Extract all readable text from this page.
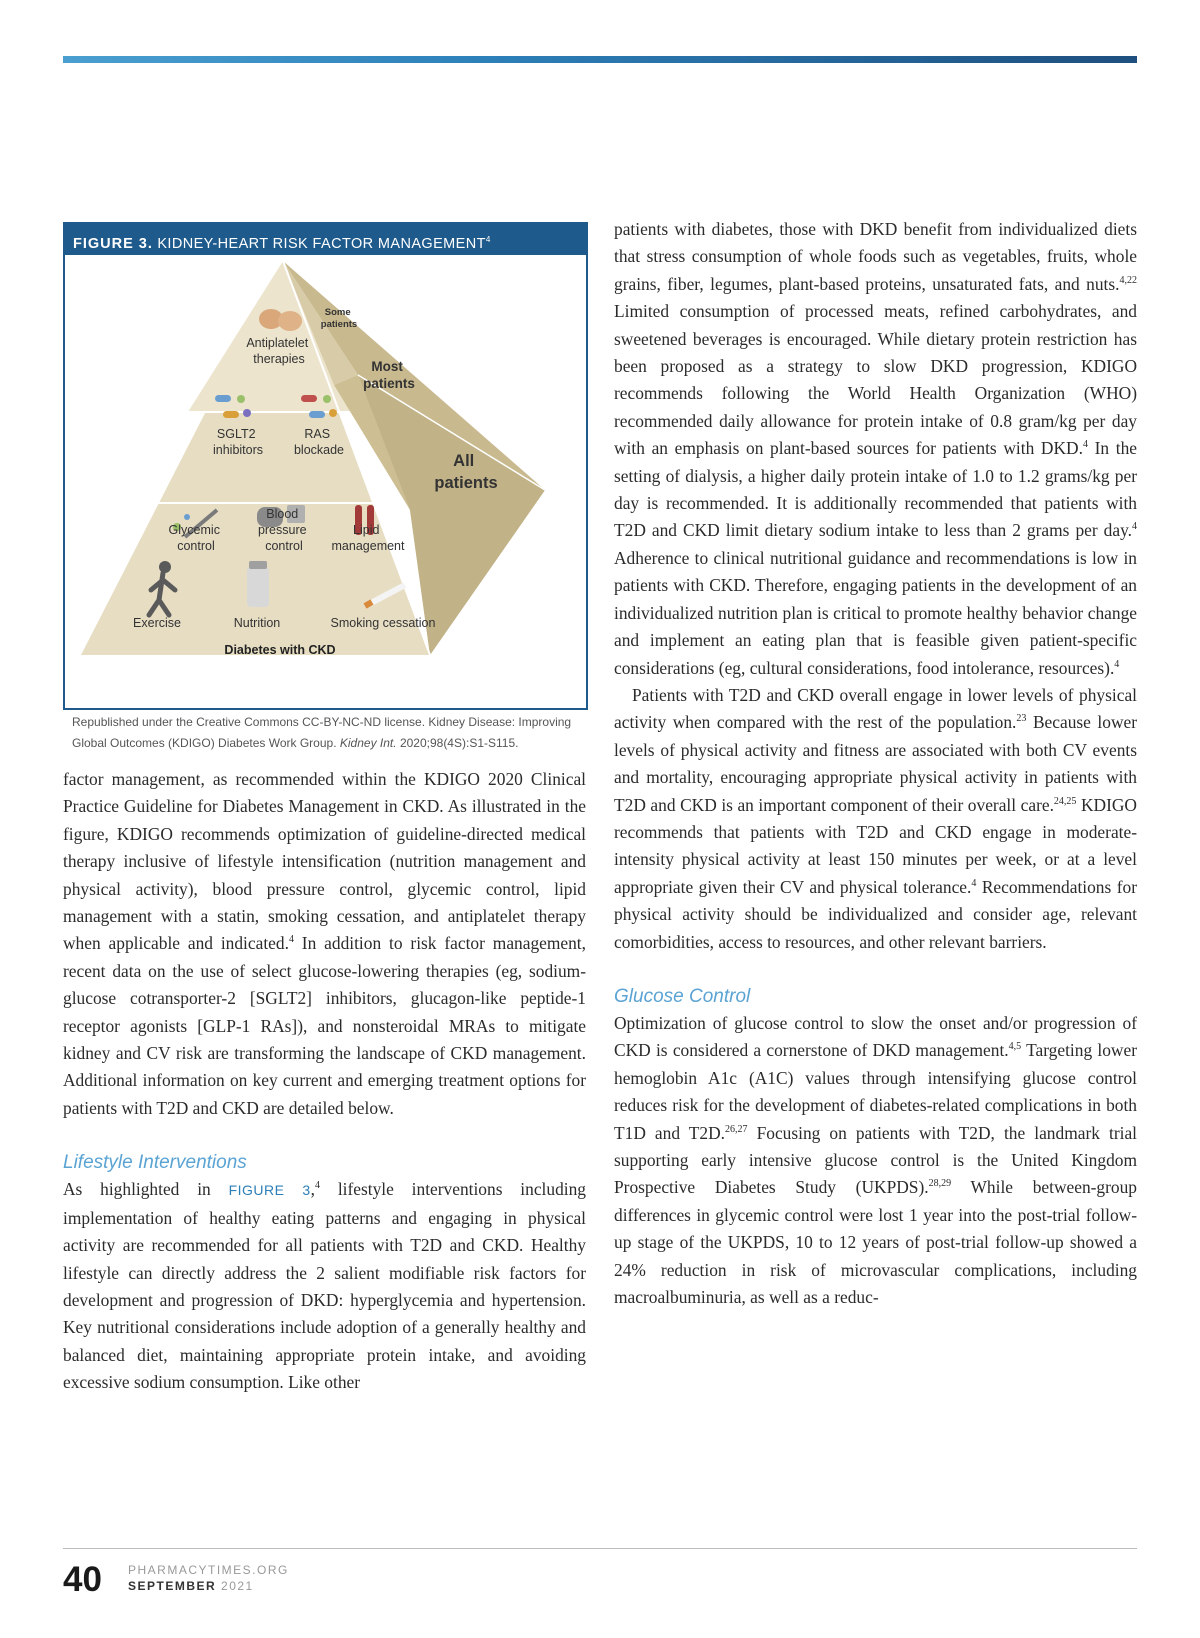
FIGURE 3. KIDNEY-HEART RISK FACTOR MANAGEMENT$^4$
Some patients
Most patients
All patients
Antiplatelet therapies
SGLT2 inhibitors
RAS blockade
Glycemic control
Blood pressure control
Lipid management
Exercise	Nutrition	Smoking cessation
Diabetes with CKD
Republished under the Creative Commons CC-BY-NC-ND license. Kidney Disease: Improving Global Outcomes (KDIGO) Diabetes Work Group. Kidney Int. 2020;98(4S):S1-S115.

factor management, as recommended within the KDIGO 2020 Clinical Practice Guideline for Diabetes Management in CKD. As illustrated in the figure, KDIGO recommends optimization of guideline-directed medical therapy inclusive of lifestyle intensification (nutrition management and physical activity), blood pressure control, glycemic control, lipid management with a statin, smoking cessation, and antiplatelet therapy when applicable and indicated.$^4$ In addition to risk factor management, recent data on the use of select glucose-lowering therapies (eg, sodium-glucose cotransporter-2 [SGLT2] inhibitors, glucagon-like peptide-1 receptor agonists [GLP-1 RAs]), and nonsteroidal MRAs to mitigate kidney and CV risk are transforming the landscape of CKD management. Additional information on key current and emerging treatment options for patients with T2D and CKD are detailed below.

Lifestyle Interventions

As highlighted in FIGURE 3,$^4$ lifestyle interventions including implementation of healthy eating patterns and engaging in physical activity are recommended for all patients with T2D and CKD. Healthy lifestyle can directly address the 2 salient modifiable risk factors for development and progression of DKD: hyperglycemia and hypertension. Key nutritional considerations include adoption of a generally healthy and balanced diet, maintaining appropriate protein intake, and avoiding excessive sodium consumption. Like other

patients with diabetes, those with DKD benefit from individualized diets that stress consumption of whole foods such as vegetables, fruits, whole grains, fiber, legumes, plant-based proteins, unsaturated fats, and nuts.$^{4,22}$ Limited consumption of processed meats, refined carbohydrates, and sweetened beverages is encouraged. While dietary protein restriction has been proposed as a strategy to slow DKD progression, KDIGO recommends following the World Health Organization (WHO) recommended daily allowance for protein intake of 0.8 gram/kg per day with an emphasis on plant-based sources for patients with DKD.$^4$ In the setting of dialysis, a higher daily protein intake of 1.0 to 1.2 grams/kg per day is recommended. It is additionally recommended that patients with T2D and CKD limit dietary sodium intake to less than 2 grams per day.$^4$ Adherence to clinical nutritional guidance and recommendations is low in patients with CKD. Therefore, engaging patients in the development of an individualized nutrition plan is critical to promote healthy behavior change and implement an eating plan that is feasible given patient-specific considerations (eg, cultural considerations, food intolerance, resources).$^4$

Patients with T2D and CKD overall engage in lower levels of physical activity when compared with the rest of the population.$^{23}$ Because lower levels of physical activity and fitness are associated with both CV events and mortality, encouraging appropriate physical activity in patients with T2D and CKD is an important component of their overall care.$^{24,25}$ KDIGO recommends that patients with T2D and CKD engage in moderate-intensity physical activity at least 150 minutes per week, or at a level appropriate given their CV and physical tolerance.$^4$ Recommendations for physical activity should be individualized and consider age, relevant comorbidities, access to resources, and other relevant barriers.

Glucose Control

Optimization of glucose control to slow the onset and/or progression of CKD is considered a cornerstone of DKD management.$^{4,5}$ Targeting lower hemoglobin A1c (A1C) values through intensifying glucose control reduces risk for the development of diabetes-related complications in both T1D and T2D.$^{26,27}$ Focusing on patients with T2D, the landmark trial supporting early intensive glucose control is the United Kingdom Prospective Diabetes Study (UKPDS).$^{28,29}$ While between-group differences in glycemic control were lost 1 year into the post-trial follow-up stage of the UKPDS, 10 to 12 years of post-trial follow-up showed a 24% reduction in risk of microvascular complications, including macroalbuminuria, as well as a reduc-

40 PHARMACYTIMES.ORG
SEPTEMBER 2021
